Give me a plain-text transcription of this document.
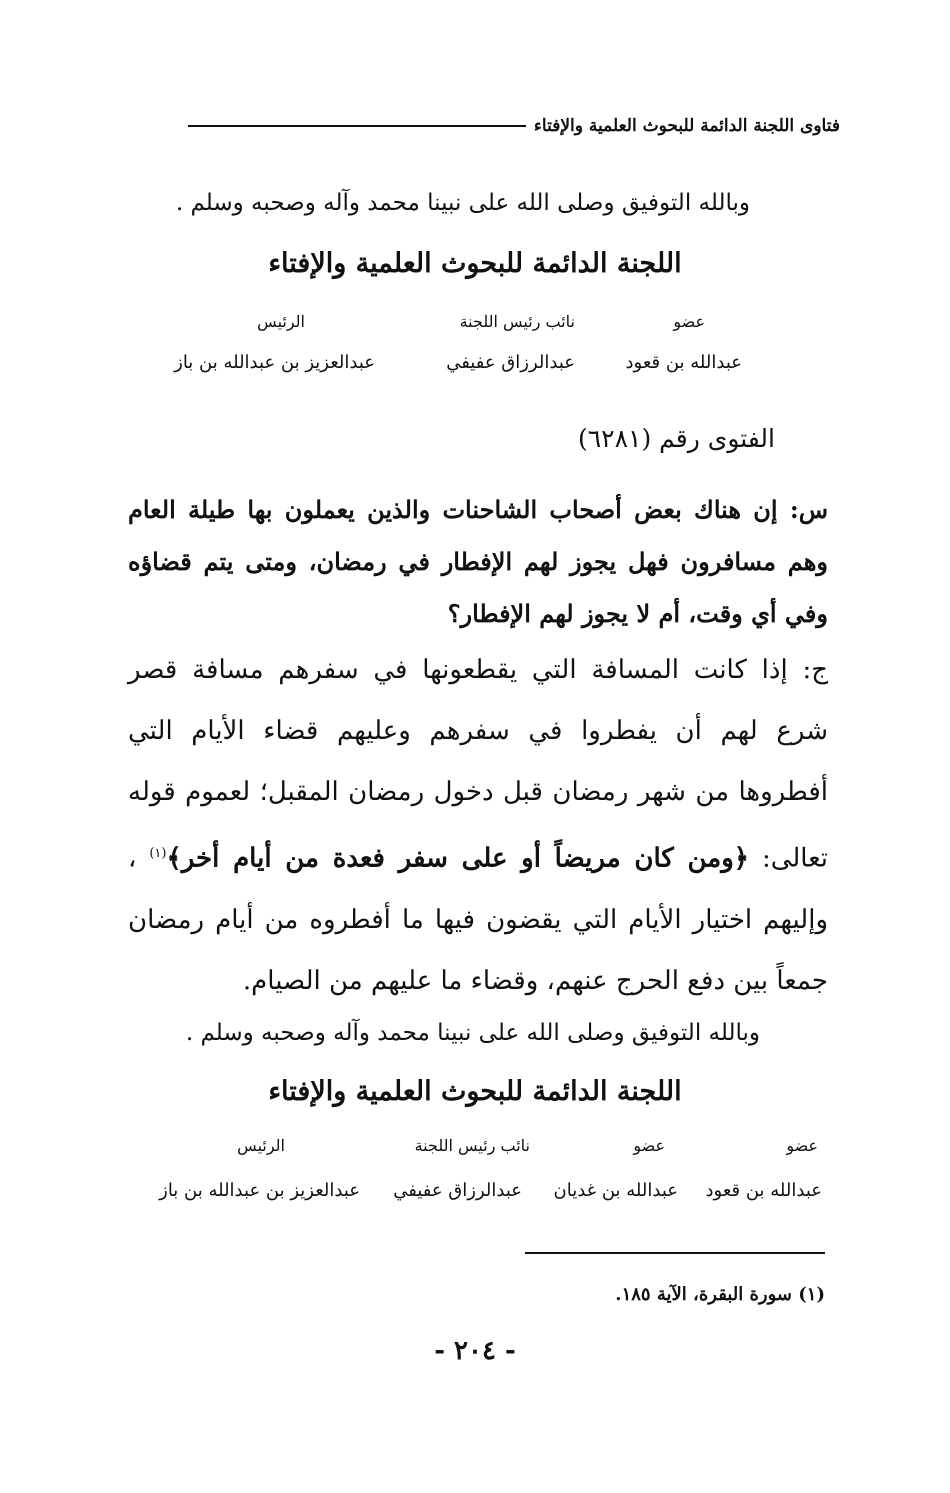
فتاوى اللجنة الدائمة للبحوث العلمية والإفتاء
وبالله التوفيق وصلى الله على نبينا محمد وآله وصحبه وسلم .
اللجنة الدائمة للبحوث العلمية والإفتاء
عضو
نائب رئيس اللجنة
الرئيس
عبدالله بن قعود
عبدالرزاق عفيفي
عبدالعزيز بن عبدالله بن باز
الفتوى رقم (٦٢٨١)
س: إن هناك بعض أصحاب الشاحنات والذين يعملون بها طيلة العام وهم مسافرون فهل يجوز لهم الإفطار في رمضان، ومتى يتم قضاؤه وفي أي وقت، أم لا يجوز لهم الإفطار؟
ج: إذا كانت المسافة التي يقطعونها في سفرهم مسافة قصر شرع لهم أن يفطروا في سفرهم وعليهم قضاء الأيام التي أفطروها من شهر رمضان قبل دخول رمضان المقبل؛ لعموم قوله تعالى: ﴿ومن كان مريضاً أو على سفر فعدة من أيام أخر﴾$^{(١)}$ ، وإليهم اختيار الأيام التي يقضون فيها ما أفطروه من أيام رمضان جمعاً بين دفع الحرج عنهم، وقضاء ما عليهم من الصيام.
وبالله التوفيق وصلى الله على نبينا محمد وآله وصحبه وسلم .
اللجنة الدائمة للبحوث العلمية والإفتاء
عضو
عضو
نائب رئيس اللجنة
الرئيس
عبدالله بن قعود
عبدالله بن غديان
عبدالرزاق عفيفي
عبدالعزيز بن عبدالله بن باز
(١) سورة البقرة، الآية ١٨٥.
- ٢٠٤ -
